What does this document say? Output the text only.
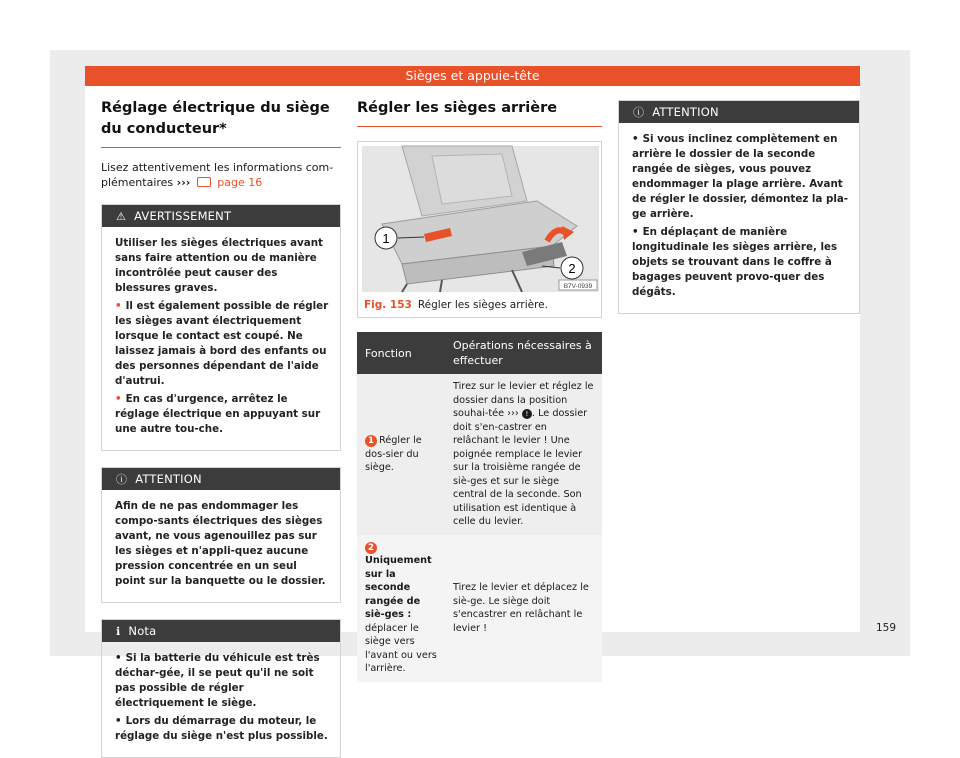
Sièges et appuie-tête
Réglage électrique du siège du conducteur*
Lisez attentivement les informations com-plémentaires ››› page 16
⚠ AVERTISSEMENT

Utiliser les sièges électriques avant sans faire attention ou de manière incontrôlée peut causer des blessures graves.

• Il est également possible de régler les sièges avant électriquement lorsque le contact est coupé. Ne laissez jamais à bord des enfants ou des personnes dépendant de l'aide d'autrui.

• En cas d'urgence, arrêtez le réglage électrique en appuyant sur une autre tou-che.

ⓘ ATTENTION

Afin de ne pas endommager les compo-sants électriques des sièges avant, ne vous agenouillez pas sur les sièges et n'appli-quez aucune pression concentrée en un seul point sur la banquette ou le dossier.

ℹ Nota

• Si la batterie du véhicule est très déchar-gée, il se peut qu'il ne soit pas possible de régler électriquement le siège.

• Lors du démarrage du moteur, le réglage du siège n'est plus possible.

Régler les sièges arrière
1
2
B7V-0939
Fig. 153 Régler les sièges arrière.
Fonction	Opérations nécessaires à effectuer
1 Régler le dos-sier du siège.	Tirez sur le levier et réglez le dossier dans la position souhai-tée ››› ! . Le dossier doit s'en-castrer en relâchant le levier ! Une poignée remplace le levier sur la troisième rangée de siè-ges et sur le siège central de la seconde. Son utilisation est identique à celle du levier.
2Uniquement sur la seconde rangée de siè-ges : déplacer le siège vers l'avant ou vers l'arrière.	Tirez le levier et déplacez le siè-ge. Le siège doit s'encastrer en relâchant le levier !
ⓘ ATTENTION

• Si vous inclinez complètement en arrière le dossier de la seconde rangée de sièges, vous pouvez endommager la plage arrière. Avant de régler le dossier, démontez la pla-ge arrière.

• En déplaçant de manière longitudinale les sièges arrière, les objets se trouvant dans le coffre à bagages peuvent provo-quer des dégâts.

159
